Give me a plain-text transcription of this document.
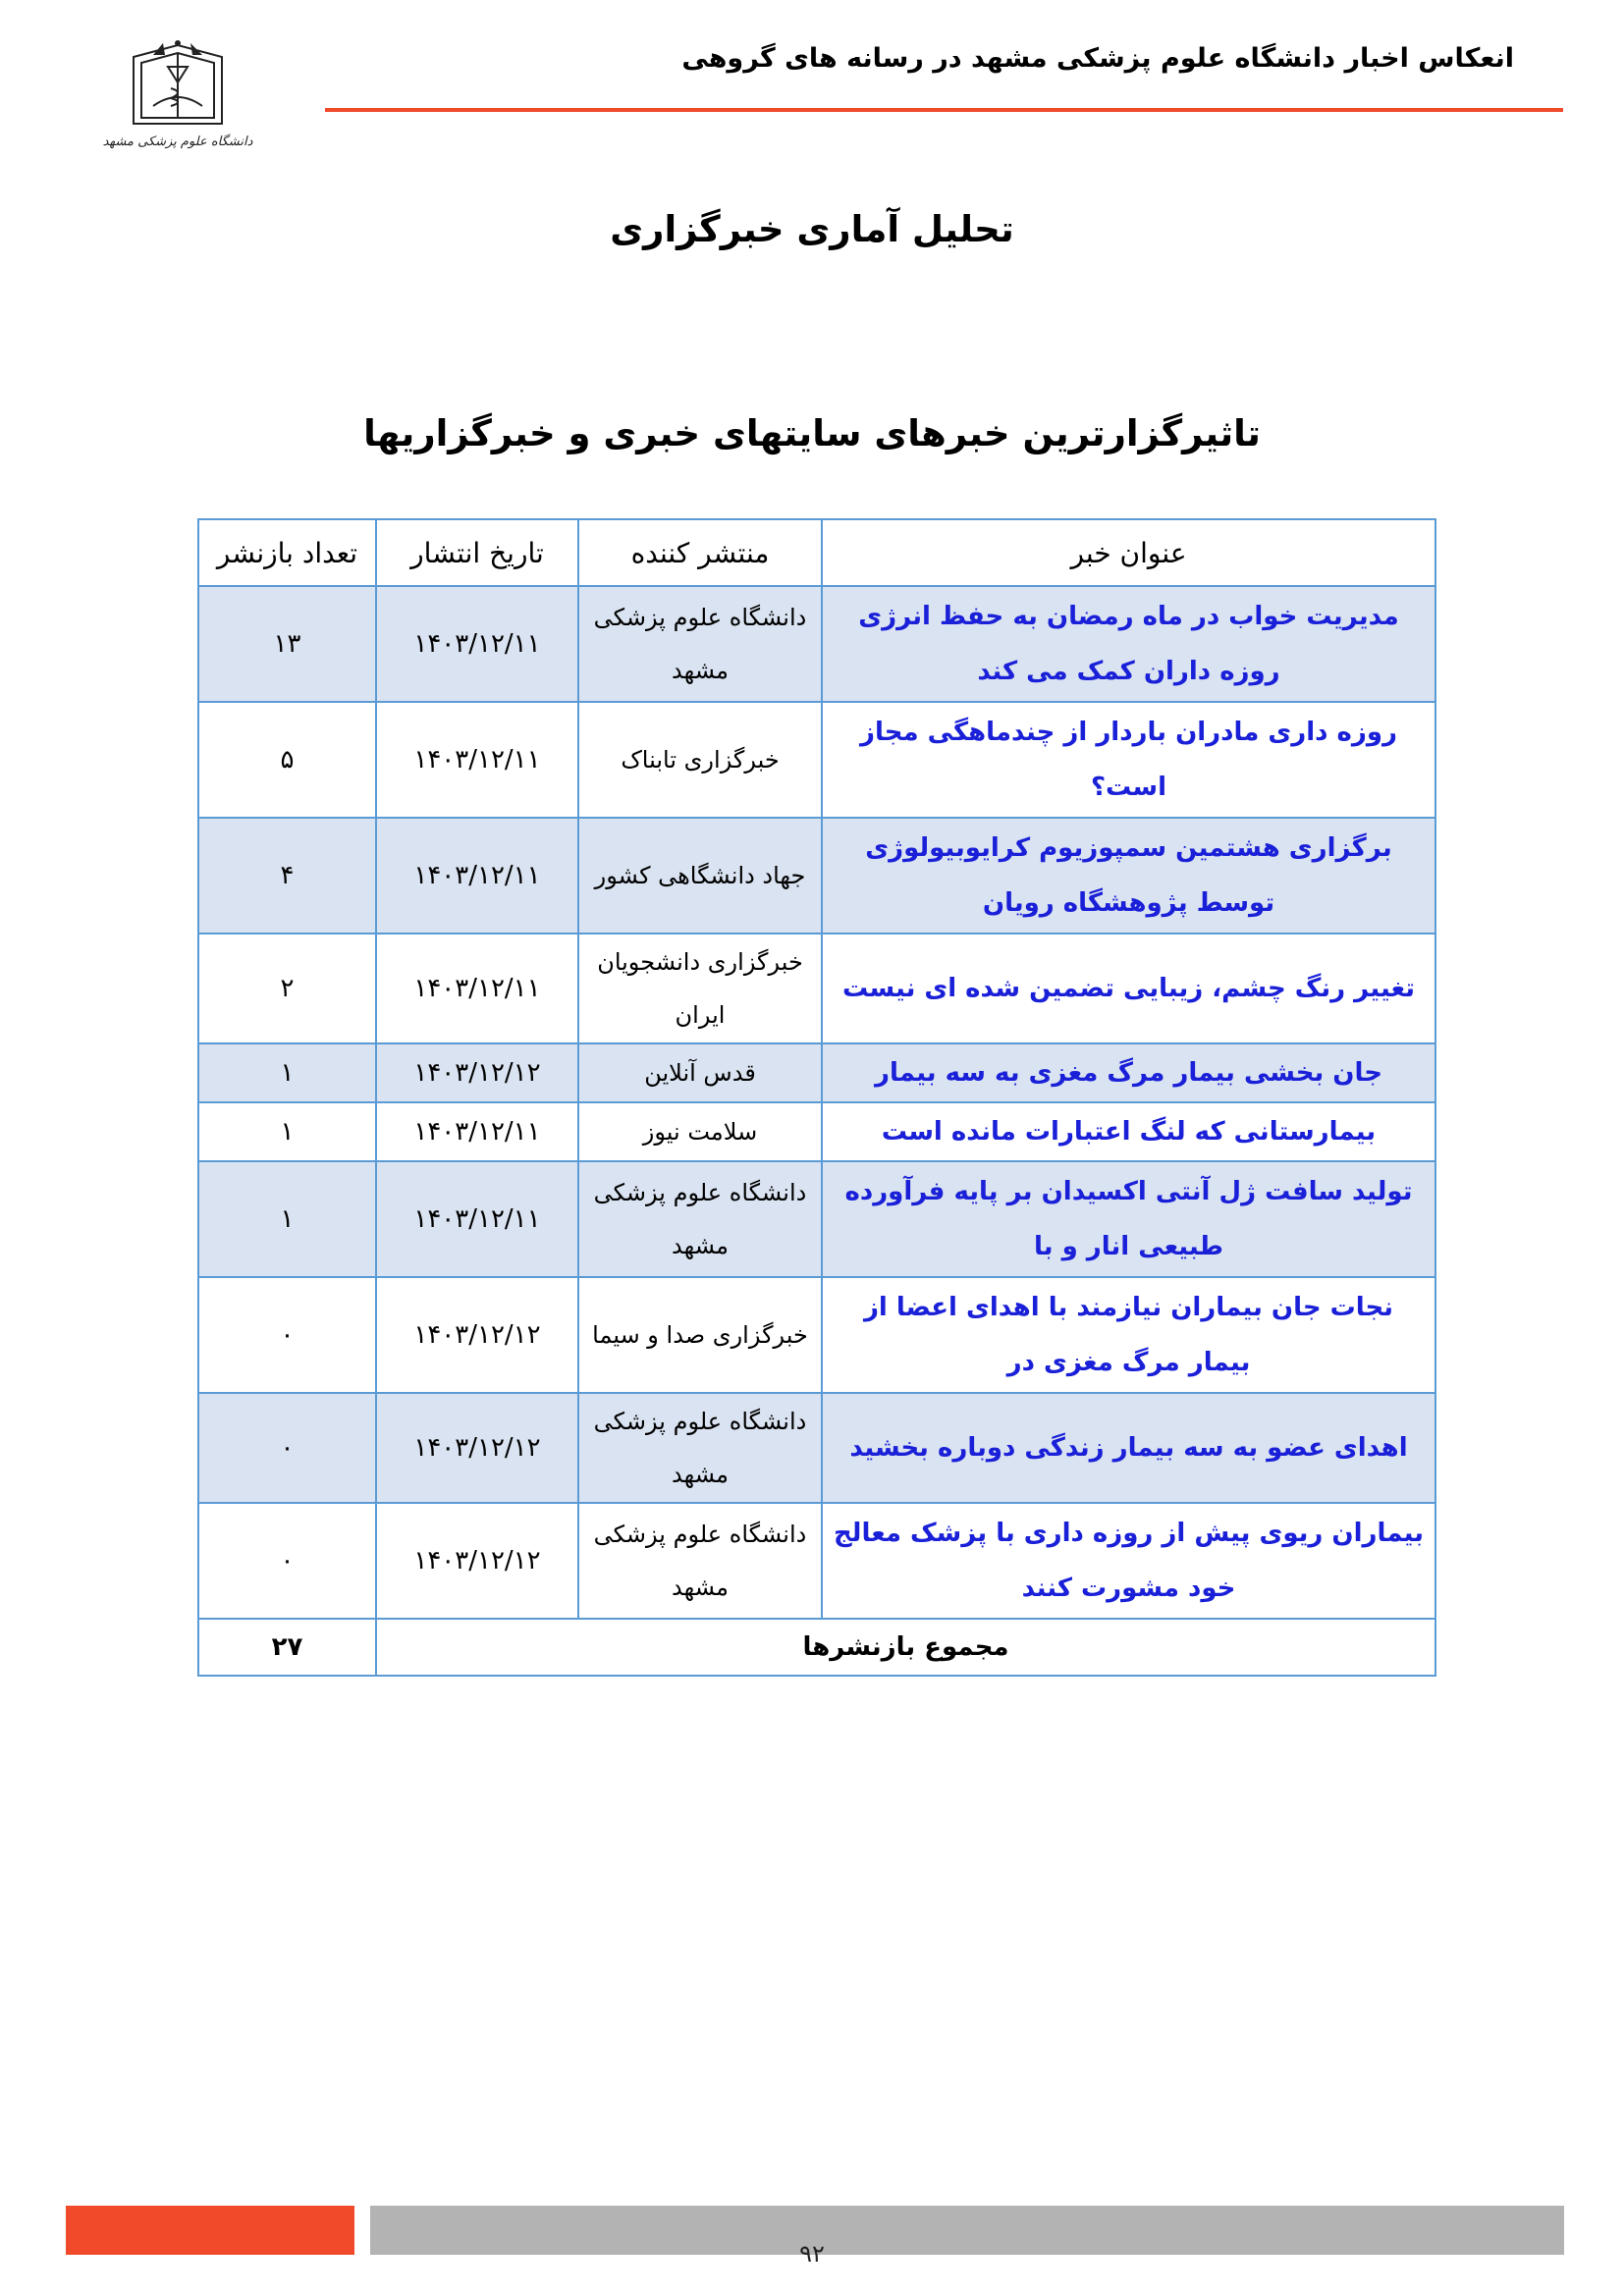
انعکاس اخبار دانشگاه علوم پزشکی مشهد در رسانه های گروهی
دانشگاه علوم پزشکی مشهد
تحلیل آماری خبرگزاری
تاثیرگزارترین خبرهای سایتهای خبری و خبرگزاریها
عنوان خبر	منتشر کننده	تاریخ انتشار	تعداد بازنشر
مدیریت خواب در ماه رمضان به حفظ انرژی روزه داران کمک می کند	دانشگاه علوم پزشکی مشهد	۱۴۰۳/۱۲/۱۱	۱۳
روزه داری مادران باردار از چندماهگی مجاز است؟	خبرگزاری تابناک	۱۴۰۳/۱۲/۱۱	۵
برگزاری هشتمین سمپوزیوم کرایوبیولوژی توسط پژوهشگاه رویان	جهاد دانشگاهی کشور	۱۴۰۳/۱۲/۱۱	۴
تغییر رنگ چشم، زیبایی تضمین شده ای نیست	خبرگزاری دانشجویان ایران	۱۴۰۳/۱۲/۱۱	۲
جان بخشی بیمار مرگ مغزی به سه بیمار	قدس آنلاین	۱۴۰۳/۱۲/۱۲	۱
بیمارستانی که لنگ اعتبارات مانده است	سلامت نیوز	۱۴۰۳/۱۲/۱۱	۱
تولید سافت ژل آنتی اکسیدان بر پایه فرآورده طبیعی انار و با	دانشگاه علوم پزشکی مشهد	۱۴۰۳/۱۲/۱۱	۱
نجات جان بیماران نیازمند با اهدای اعضا از بیمار مرگ مغزی در	خبرگزاری صدا و سیما	۱۴۰۳/۱۲/۱۲	۰
اهدای عضو به سه بیمار زندگی دوباره بخشید	دانشگاه علوم پزشکی مشهد	۱۴۰۳/۱۲/۱۲	۰
بیماران ریوی پیش از روزه داری با پزشک معالج خود مشورت کنند	دانشگاه علوم پزشکی مشهد	۱۴۰۳/۱۲/۱۲	۰
مجموع بازنشرها			۲۷
۹۲
